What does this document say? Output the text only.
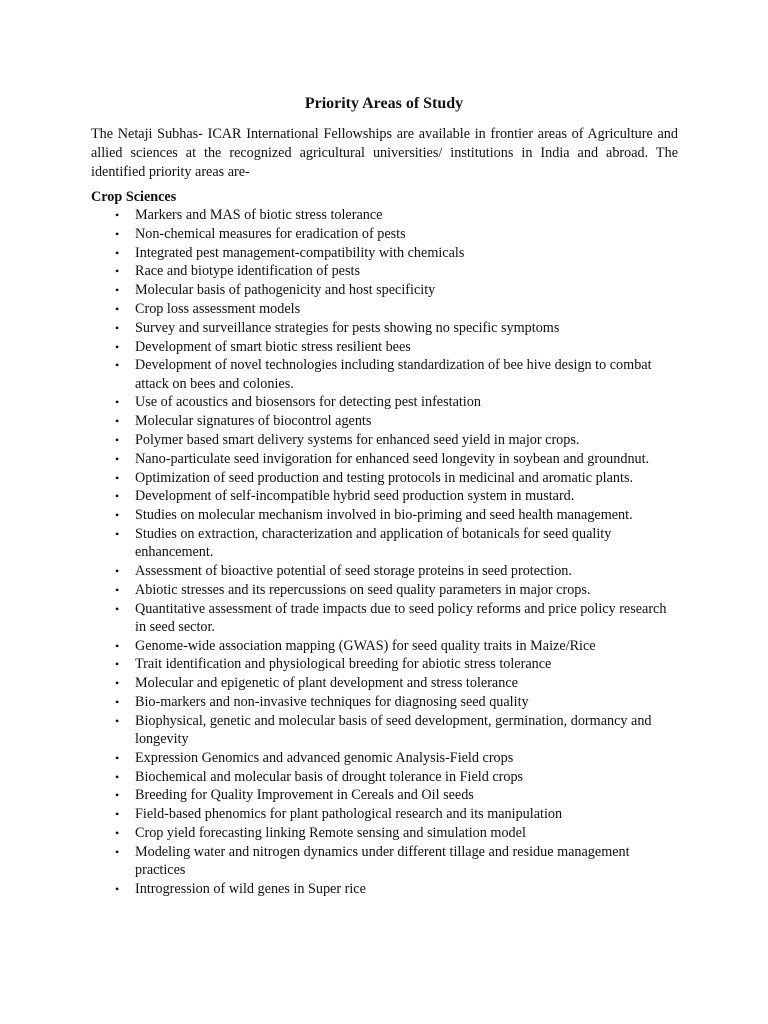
Priority Areas of Study

The Netaji Subhas- ICAR International Fellowships are available in frontier areas of Agriculture and allied sciences at the recognized agricultural universities/ institutions in India and abroad. The identified priority areas are-

Crop Sciences
• Markers and MAS of biotic stress tolerance
• Non-chemical measures for eradication of pests
• Integrated pest management-compatibility with chemicals
• Race and biotype identification of pests
• Molecular basis of pathogenicity and host specificity
• Crop loss assessment models
• Survey and surveillance strategies for pests showing no specific symptoms
• Development of smart biotic stress resilient bees
• Development of novel technologies including standardization of bee hive design to combat attack on bees and colonies.
• Use of acoustics and biosensors for detecting pest infestation
• Molecular signatures of biocontrol agents
• Polymer based smart delivery systems for enhanced seed yield in major crops.
• Nano-particulate seed invigoration for enhanced seed longevity in soybean and groundnut.
• Optimization of seed production and testing protocols in medicinal and aromatic plants.
• Development of self-incompatible hybrid seed production system in mustard.
• Studies on molecular mechanism involved in bio-priming and seed health management.
• Studies on extraction, characterization and application of botanicals for seed quality enhancement.
• Assessment of bioactive potential of seed storage proteins in seed protection.
• Abiotic stresses and its repercussions on seed quality parameters in major crops.
• Quantitative assessment of trade impacts due to seed policy reforms and price policy research in seed sector.
• Genome-wide association mapping (GWAS) for seed quality traits in Maize/Rice
• Trait identification and physiological breeding for abiotic stress tolerance
• Molecular and epigenetic of plant development and stress tolerance
• Bio-markers and non-invasive techniques for diagnosing seed quality
• Biophysical, genetic and molecular basis of seed development, germination, dormancy and longevity
• Expression Genomics and advanced genomic Analysis-Field crops
• Biochemical and molecular basis of drought tolerance in Field crops
• Breeding for Quality Improvement in Cereals and Oil seeds
• Field-based phenomics for plant pathological research and its manipulation
• Crop yield forecasting linking Remote sensing and simulation model
• Modeling water and nitrogen dynamics under different tillage and residue management practices
• Introgression of wild genes in Super rice
